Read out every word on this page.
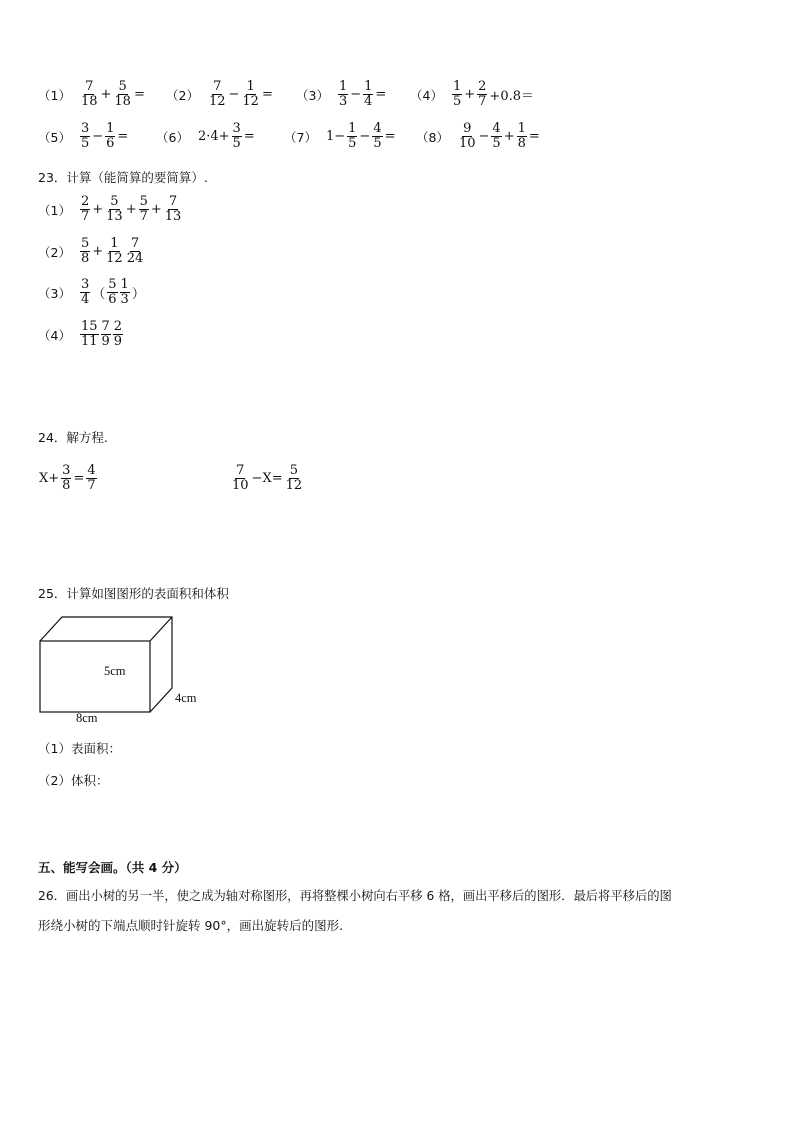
$(1) \frac{7}{18} + \frac{5}{18} = (2) \frac{7}{12} - \frac{1}{12} = (3) \frac{1}{3} - \frac{1}{4} = (4) \frac{1}{5} + \frac{2}{7} +0.8=$
$(5) \frac{3}{5} - \frac{1}{6} = (6)$ $2\cdot 4+ \frac{3}{5} = (7)$ $1- \frac{1}{5} - \frac{4}{5} = (8) \frac{9}{10} - \frac{4}{5} + \frac{1}{8}$ =
23．计算（能简算的要简算）.
$(1) \frac{2}{7} + \frac{5}{13} + \frac{5}{7} + \frac{7}{13}$
$(2) \frac{5}{8} + \frac{1}{12} \frac{7}{24}$
$(3) \frac{3}{4}$ （ $\frac{5}{6} \frac{1}{3}$ ）
$(4) \frac{15}{11} \frac{7}{9} \frac{2}{9}$
24．解方程.
$X+ \frac{3}{8} = \frac{4}{7}$	$\frac{7}{10} -X= \frac{5}{12}$
25．计算如图图形的表面积和体积
5cm
4cm
8cm
（1）表面积：
（2）体积：
五、能写会画。（共 4 分）
26．画出小树的另一半，使之成为轴对称图形，再将整棵小树向右平移 6 格，画出平移后的图形．最后将平移后的图
形绕小树的下端点顺时针旋转 90°，画出旋转后的图形.
